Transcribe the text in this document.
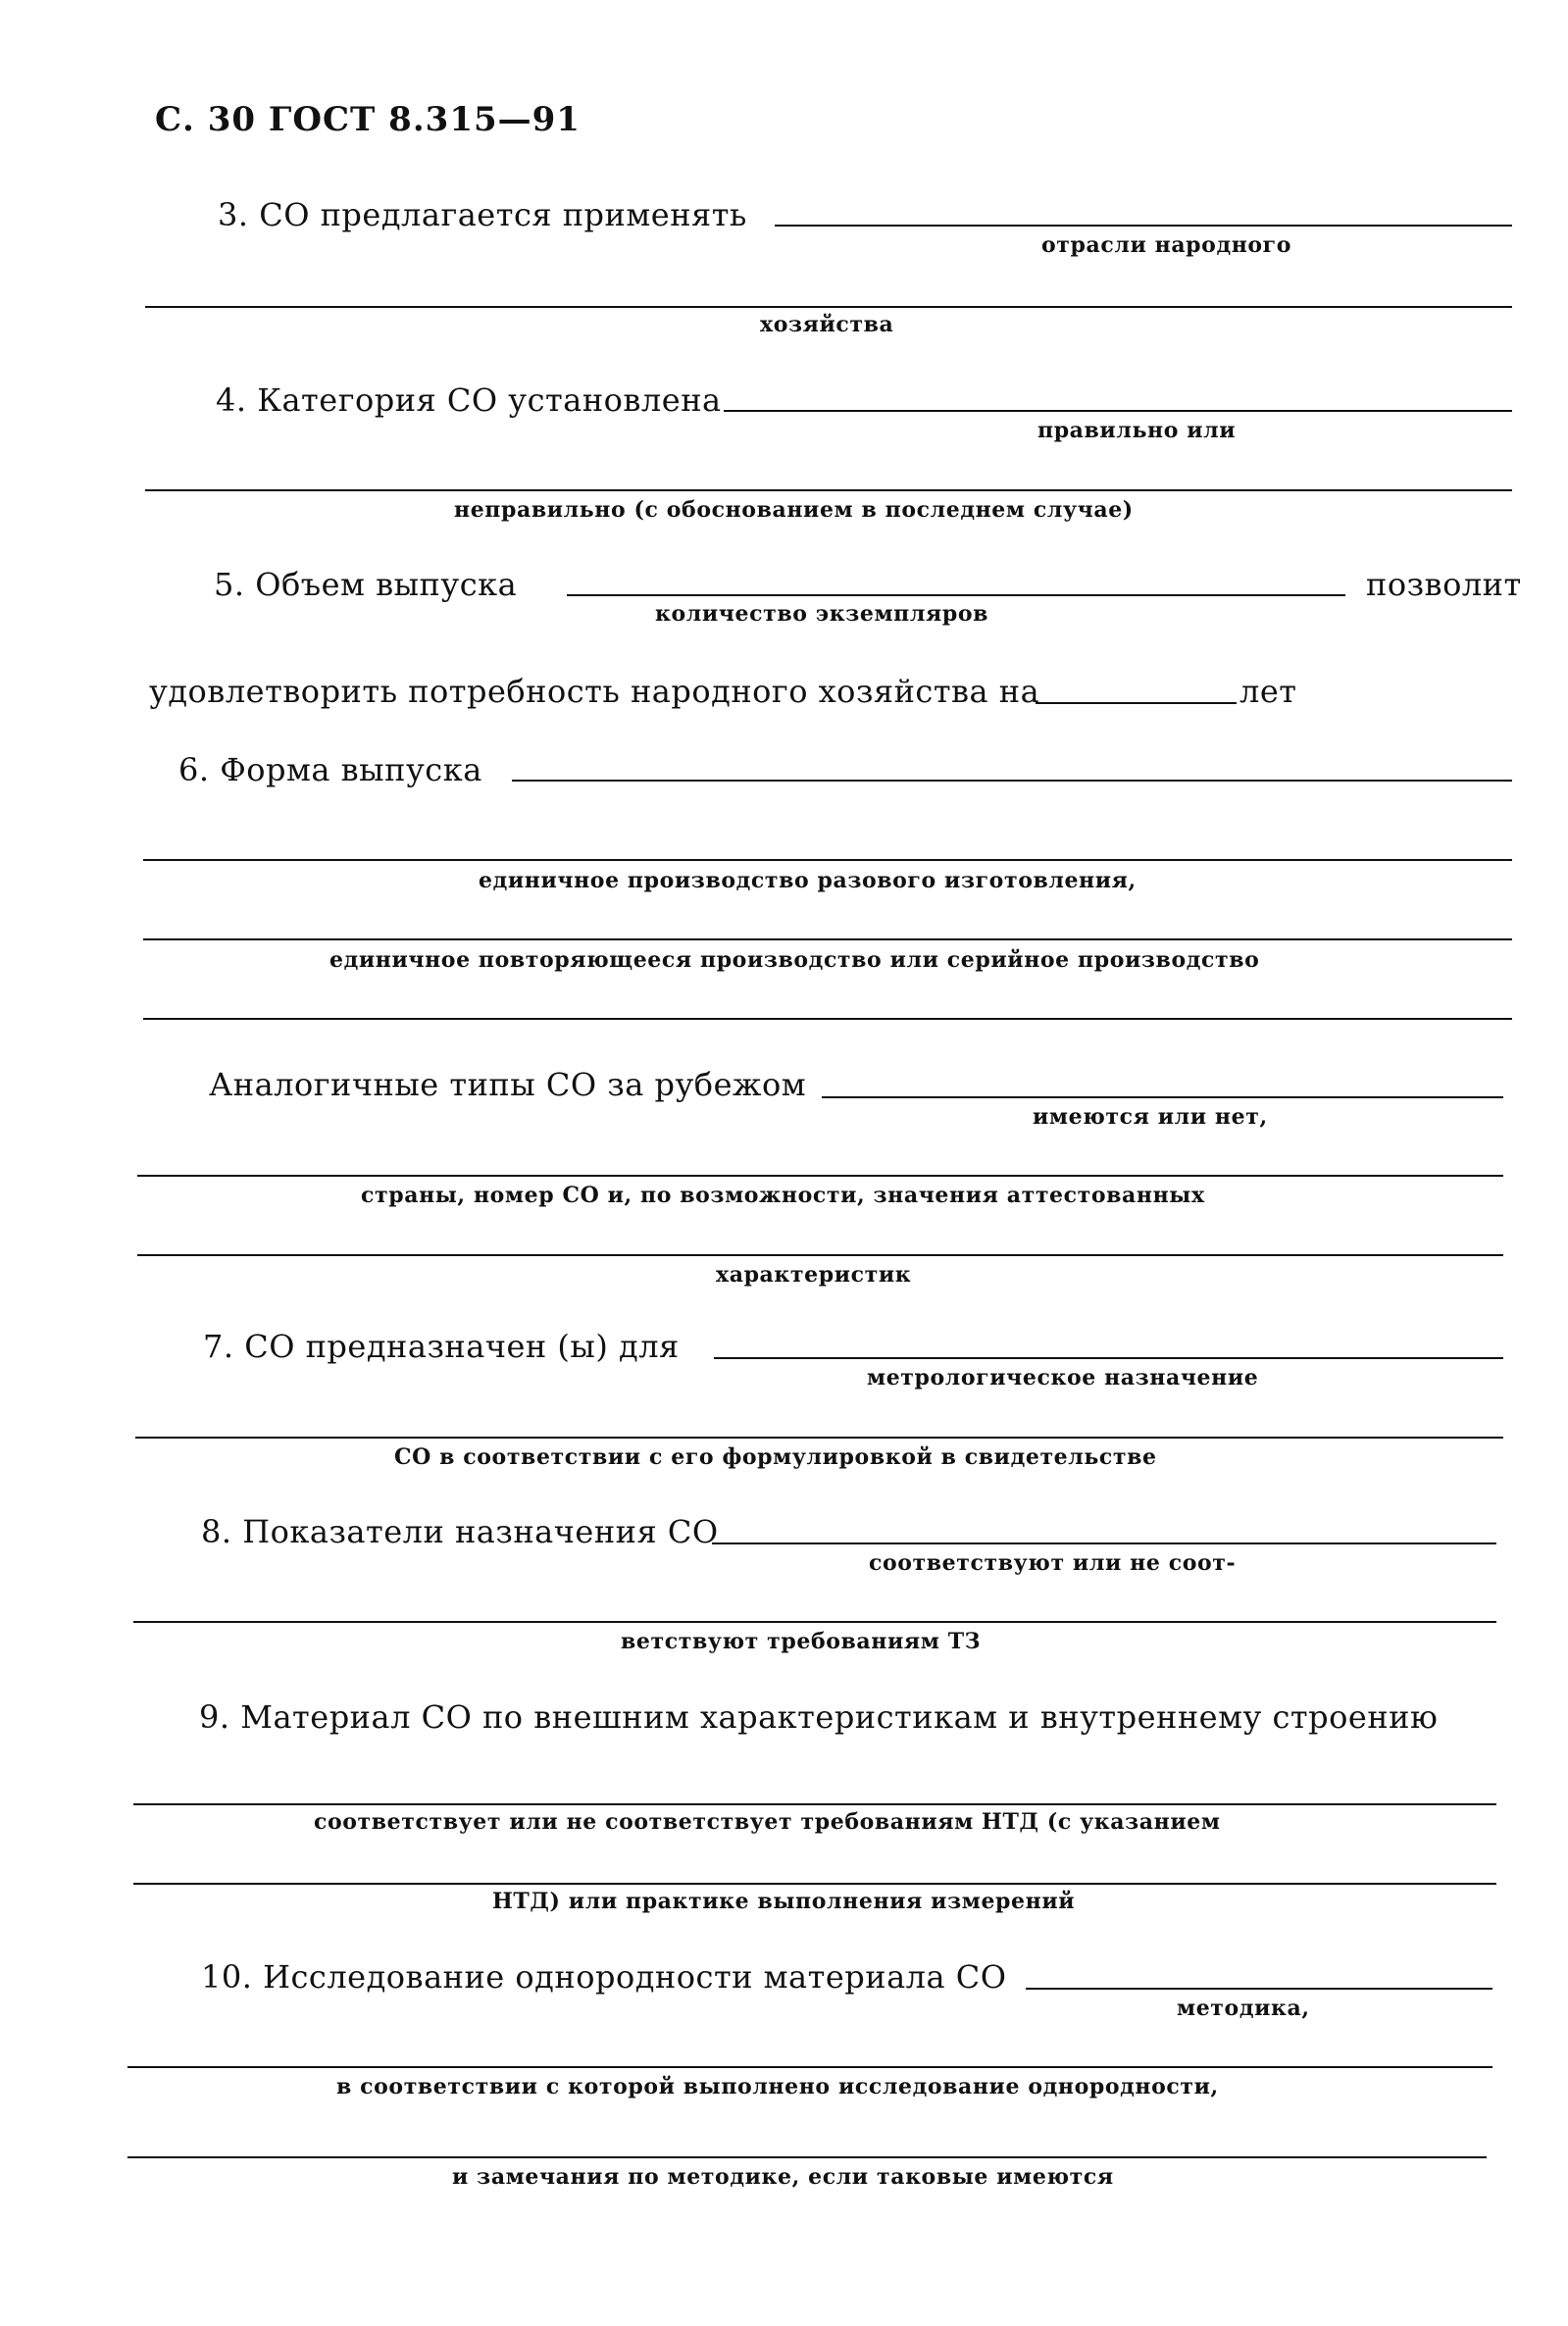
С. 30 ГОСТ 8.315—91
3. СО предлагается применять
отрасли народного
хозяйства
4. Категория СО установлена
правильно или
неправильно (с обоснованием в последнем случае)
5. Объем выпуска	позволит
количество экземпляров
удовлетворить потребность народного хозяйства на	лет
6. Форма выпуска
единичное производство разового изготовления,
единичное повторяющееся производство или серийное производство
Аналогичные типы СО за рубежом
имеются или нет,
страны, номер СО и, по возможности, значения аттестованных
характеристик
7. СО предназначен (ы) для
метрологическое назначение
СО в соответствии с его формулировкой в свидетельстве
8. Показатели назначения СО
соответствуют или не соот-
ветствуют требованиям ТЗ
9. Материал СО по внешним характеристикам и внутреннему строению
соответствует или не соответствует требованиям НТД (с указанием
НТД) или практике выполнения измерений
10. Исследование однородности материала СО
методика,
в соответствии с которой выполнено исследование однородности,
и замечания по методике, если таковые имеются
